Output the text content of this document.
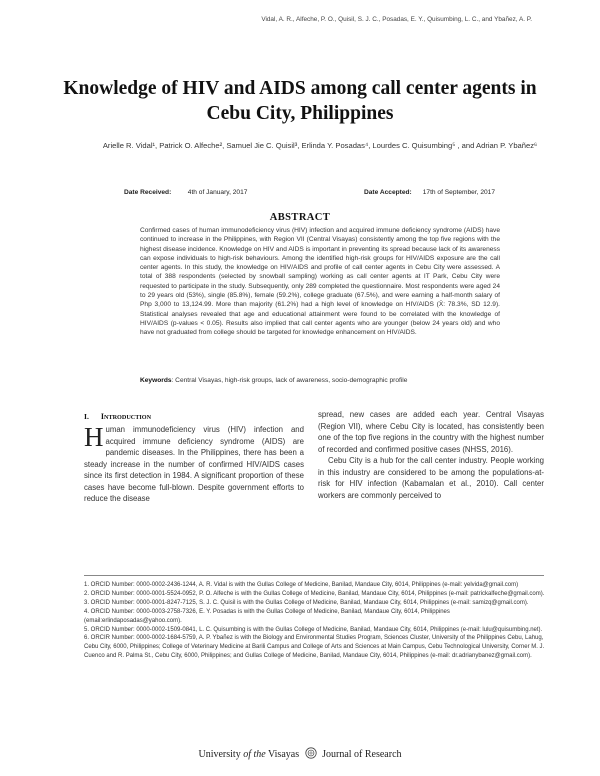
Vidal, A. R., Alfeche, P. O., Quisil, S. J. C., Posadas, E. Y., Quisumbing, L. C., and Ybañez, A. P.
Knowledge of HIV and AIDS among call center agents in Cebu City, Philippines
Arielle R. Vidal¹, Patrick O. Alfeche², Samuel Jie C. Quisil³, Erlinda Y. Posadas⁴, Lourdes C. Quisumbing⁵ , and Adrian P. Ybañez⁶
Date Received:	4th of January, 2017	Date Accepted: 17th of September, 2017
ABSTRACT

Confirmed cases of human immunodeficiency virus (HIV) infection and acquired immune deficiency syndrome (AIDS) have continued to increase in the Philippines, with Region VII (Central Visayas) consistently among the top five regions with the highest disease incidence. Knowledge on HIV and AIDS is important in preventing its spread because lack of its awareness can expose individuals to high-risk behaviours. Among the identified high-risk groups for HIV/AIDS exposure are the call center agents. In this study, the knowledge on HIV/AIDS and profile of call center agents in Cebu City were assessed. A total of 388 respondents (selected by snowball sampling) working as call center agents at IT Park, Cebu City were requested to participate in the study. Subsequently, only 289 completed the questionnaire. Most respondents were aged 24 to 29 years old (53%), single (85.8%), female (59.2%), college graduate (67.5%), and were earning a half-month salary of Php 3,000 to 13,124.99. More than majority (61.2%) had a high level of knowledge on HIV/AIDS (X̄: 78.3%, SD 12.9). Statistical analyses revealed that age and educational attainment were found to be correlated with the knowledge of HIV/AIDS (p-values < 0.05). Results also implied that call center agents who are younger (below 24 years old) and who have not graduated from college should be targeted for knowledge enhancement on HIV/AIDS.

Keywords: Central Visayas, high-risk groups, lack of awareness, socio-demographic profile

I. INTRODUCTION
Human immunodeficiency virus (HIV) infection and acquired immune deficiency syndrome (AIDS) are pandemic diseases. In the Philippines, there has been a steady increase in the number of confirmed HIV/AIDS cases since its first detection in 1984. A significant proportion of these cases have become full-blown. Despite government efforts to reduce the disease

spread, new cases are added each year. Central Visayas (Region VII), where Cebu City is located, has consistently been one of the top five regions in the country with the highest number of recorded and confirmed positive cases (NHSS, 2016).

Cebu City is a hub for the call center industry. People working in this industry are considered to be among the populations-at-risk for HIV infection (Kabamalan et al., 2010). Call center workers are commonly perceived to

1. ORCID Number: 0000-0002-2436-1244, A. R. Vidal is with the Gullas College of Medicine, Banilad, Mandaue City, 6014, Philippines (e-mail: yelvida@gmail.com)
2. ORCID Number: 0000-0001-5524-0952, P. O. Alfeche is with the Gullas College of Medicine, Banilad, Mandaue City, 6014, Philippines (e-mail: patrickalfeche@gmail.com).
3. ORCID Number: 0000-0001-8247-7125, S. J. C. Quisil is with the Gullas College of Medicine, Banilad, Mandaue City, 6014, Philippines (e-mail: samizq@gmail.com).
4. ORCID Number: 0000-0003-2758-7326, E. Y. Posadas is with the Gullas College of Medicine, Banilad, Mandaue City, 6014, Philippines (email:erlindaposadas@yahoo.com).
5. ORCID Number: 0000-0002-1509-0841, L. C. Quisumbing is with the Gullas College of Medicine, Banilad, Mandaue City, 6014, Philippines (e-mail: lulu@quisumbing.net).
6. ORCIR Number: 0000-0002-1684-5759, A. P. Ybañez is with the Biology and Environmental Studies Program, Sciences Cluster, University of the Philippines Cebu, Lahug, Cebu City, 6000, Philippines; College of Veterinary Medicine at Barili Campus and College of Arts and Sciences at Main Campus, Cebu Technological University, Corner M. J. Cuenco and R. Palma St., Cebu City, 6000, Philippines; and Gullas College of Medicine, Banilad, Mandaue City, 6014, Philippines (e-mail: dr.adrianybanez@gmail.com).
University of the Visayas Journal of Research
